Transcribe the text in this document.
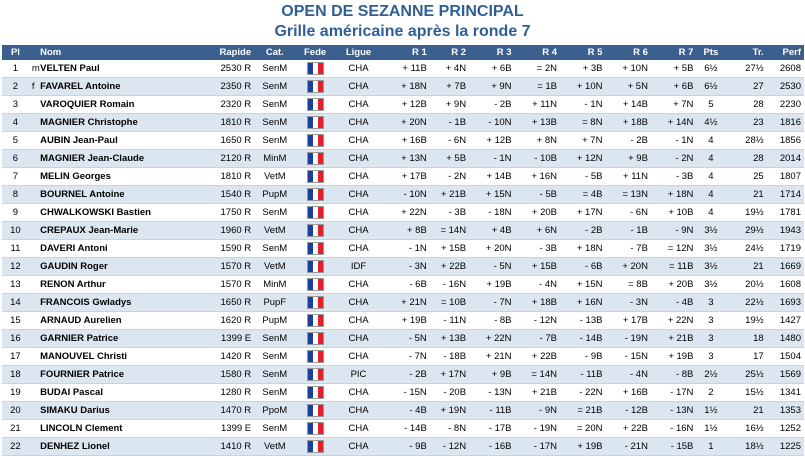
OPEN DE SEZANNE PRINCIPAL
Grille américaine après la ronde 7
Pl		Nom	Rapide	Cat.	Fede	Ligue	R 1	R 2	R 3	R 4	R 5	R 6	R 7	Pts	Tr.	Perf
1	m	VELTEN Paul	2530 R	SenM		CHA	+ 11B	+ 4N	+ 6B	= 2N	+ 3B	+ 10N	+ 5B	6½	27½	2608
2	f	FAVAREL Antoine	2350 R	SenM		CHA	+ 18N	+ 7B	+ 9N	= 1B	+ 10N	+ 5N	+ 6B	6½	27	2530
3		VAROQUIER Romain	2320 R	SenM		CHA	+ 12B	+ 9N	- 2B	+ 11N	- 1N	+ 14B	+ 7N	5	28	2230
4		MAGNIER Christophe	1810 R	SenM		CHA	+ 20N	- 1B	- 10N	+ 13B	= 8N	+ 18B	+ 14N	4½	23	1816
5		AUBIN Jean-Paul	1650 R	SenM		CHA	+ 16B	- 6N	+ 12B	+ 8N	+ 7N	- 2B	- 1N	4	28½	1856
6		MAGNIER Jean-Claude	2120 R	MinM		CHA	+ 13N	+ 5B	- 1N	- 10B	+ 12N	+ 9B	- 2N	4	28	2014
7		MELIN Georges	1810 R	VetM		CHA	+ 17B	- 2N	+ 14B	+ 16N	- 5B	+ 11N	- 3B	4	25	1807
8		BOURNEL Antoine	1540 R	PupM		CHA	- 10N	+ 21B	+ 15N	- 5B	= 4B	= 13N	+ 18N	4	21	1714
9		CHWALKOWSKI Bastien	1750 R	SenM		CHA	+ 22N	- 3B	- 18N	+ 20B	+ 17N	- 6N	+ 10B	4	19½	1781
10		CREPAUX Jean-Marie	1960 R	VetM		CHA	+ 8B	= 14N	+ 4B	+ 6N	- 2B	- 1B	- 9N	3½	29½	1943
11		DAVERI Antoni	1590 R	SenM		CHA	- 1N	+ 15B	+ 20N	- 3B	+ 18N	- 7B	= 12N	3½	24½	1719
12		GAUDIN Roger	1570 R	VetM		IDF	- 3N	+ 22B	- 5N	+ 15B	- 6B	+ 20N	= 11B	3½	21	1669
13		RENON Arthur	1570 R	MinM		CHA	- 6B	- 16N	+ 19B	- 4N	+ 15N	= 8B	+ 20B	3½	20½	1608
14		FRANCOIS Gwladys	1650 R	PupF		CHA	+ 21N	= 10B	- 7N	+ 18B	+ 16N	- 3N	- 4B	3	22½	1693
15		ARNAUD Aurelien	1620 R	PupM		CHA	+ 19B	- 11N	- 8B	- 12N	- 13B	+ 17B	+ 22N	3	19½	1427
16		GARNIER Patrice	1399 E	SenM		CHA	- 5N	+ 13B	+ 22N	- 7B	- 14B	- 19N	+ 21B	3	18	1480
17		MANOUVEL Christi	1420 R	SenM		CHA	- 7N	- 18B	+ 21N	+ 22B	- 9B	- 15N	+ 19B	3	17	1504
18		FOURNIER Patrice	1580 R	SenM		PIC	- 2B	+ 17N	+ 9B	= 14N	- 11B	- 4N	- 8B	2½	25½	1569
19		BUDAI Pascal	1280 R	SenM		CHA	- 15N	- 20B	- 13N	+ 21B	- 22N	+ 16B	- 17N	2	15½	1341
20		SIMAKU Darius	1470 R	PpoM		CHA	- 4B	+ 19N	- 11B	- 9N	= 21B	- 12B	- 13N	1½	21	1353
21		LINCOLN Clement	1399 E	SenM		CHA	- 14B	- 8N	- 17B	- 19N	= 20N	+ 22B	- 16N	1½	16½	1252
22		DENHEZ Lionel	1410 R	VetM		CHA	- 9B	- 12N	- 16B	- 17N	+ 19B	- 21N	- 15B	1	18½	1225
